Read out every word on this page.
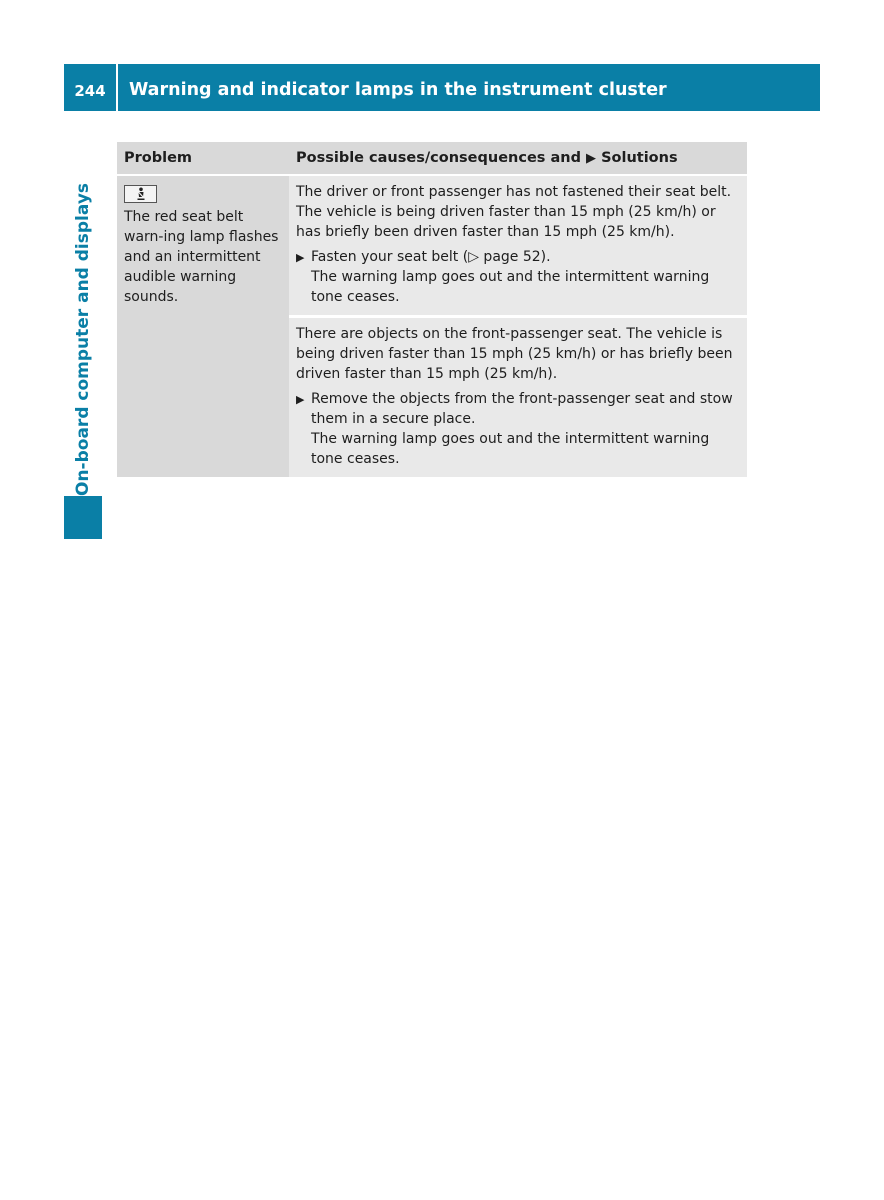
244	Warning and indicator lamps in the instrument cluster
On-board computer and displays
Problem	Possible causes/consequences and ▶ Solutions

The red seat belt warn-ing lamp flashes and an intermittent audible warning sounds.	The driver or front passenger has not fastened their seat belt. The vehicle is being driven faster than 15 mph (25 km/h) or has briefly been driven faster than 15 mph (25 km/h).

▶ Fasten your seat belt (▷ page 52).

The warning lamp goes out and the intermittent warning tone ceases.

	There are objects on the front-passenger seat. The vehicle is being driven faster than 15 mph (25 km/h) or has briefly been driven faster than 15 mph (25 km/h).

▶ Remove the objects from the front-passenger seat and stow them in a secure place.

The warning lamp goes out and the intermittent warning tone ceases.
